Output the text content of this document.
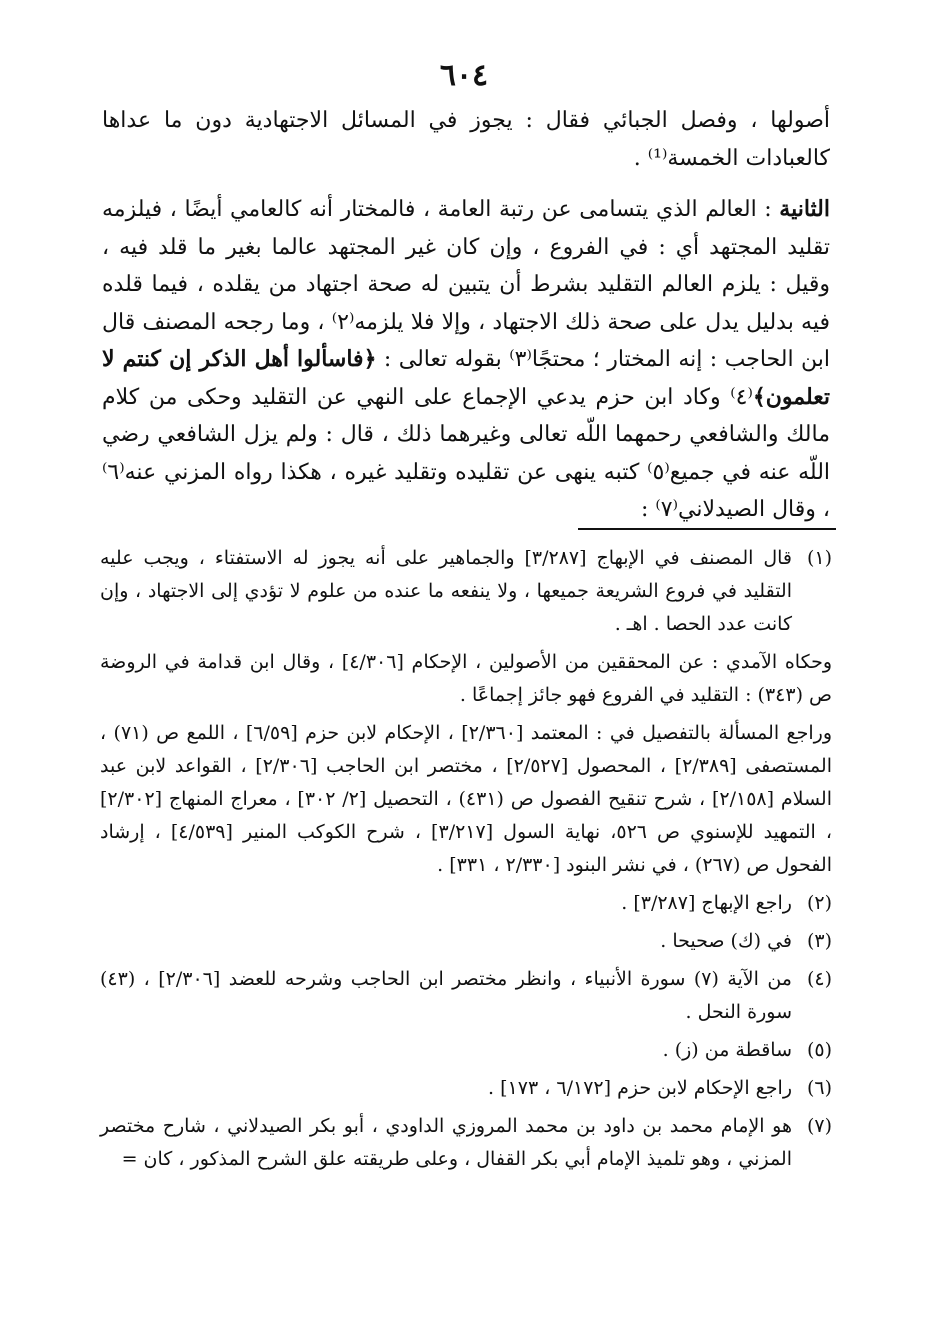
٦٠٤

أصولها ، وفصل الجبائي فقال : يجوز في المسائل الاجتهادية دون ما عداها كالعبادات الخمسة⁽¹⁾ .

الثانية : العالم الذي يتسامى عن رتبة العامة ، فالمختار أنه كالعامي أيضًا ، فيلزمه تقليد المجتهد أي : في الفروع ، وإن كان غير المجتهد عالما بغير ما قلد فيه ، وقيل : يلزم العالم التقليد بشرط أن يتبين له صحة اجتهاد من يقلده ، فيما قلده فيه بدليل يدل على صحة ذلك الاجتهاد ، وإلا فلا يلزمه⁽٢⁾ ، وما رجحه المصنف قال ابن الحاجب : إنه المختار ؛ محتجًا⁽٣⁾ بقوله تعالى : ﴿فاسألوا أهل الذكر إن كنتم لا تعلمون﴾⁽٤⁾ وكاد ابن حزم يدعي الإجماع على النهي عن التقليد وحكى من كلام مالك والشافعي رحمهما اللّه تعالى وغيرهما ذلك ، قال : ولم يزل الشافعي رضي اللّه عنه في جميع⁽٥⁾ كتبه ينهى عن تقليده وتقليد غيره ، هكذا رواه المزني عنه⁽٦⁾ ، وقال الصيدلاني⁽٧⁾ :

(١)
قال المصنف في الإبهاج [٣/٢٨٧] والجماهير على أنه يجوز له الاستفتاء ، ويجب عليه التقليد في فروع الشريعة جميعها ، ولا ينفعه ما عنده من علوم لا تؤدي إلى الاجتهاد ، وإن كانت عدد الحصا . اهـ .

وحكاه الآمدي : عن المحققين من الأصولين ، الإحكام [٤/٣٠٦] ، وقال ابن قدامة في الروضة ص (٣٤٣) : التقليد في الفروع فهو جائز إجماعًا .

وراجع المسألة بالتفصيل في : المعتمد [٢/٣٦٠] ، الإحكام لابن حزم [٦/٥٩] ، اللمع ص (٧١) ، المستصفى [٢/٣٨٩] ، المحصول [٢/٥٢٧] ، مختصر ابن الحاجب [٢/٣٠٦] ، القواعد لابن عبد السلام [٢/١٥٨] ، شرح تنقيح الفصول ص (٤٣١) ، التحصيل [٢/ ٣٠٢] ، معراج المنهاج [٢/٣٠٢] ، التمهيد للإسنوي ص ٥٢٦، نهاية السول [٣/٢١٧] ، شرح الكوكب المنير [٤/٥٣٩] ، إرشاد الفحول ص (٢٦٧) ، في نشر البنود [٢/٣٣٠ ، ٣٣١] .

(٢)
راجع الإبهاج [٣/٢٨٧] .

(٣)
في (ك) صحيحا .

(٤)
من الآية (٧) سورة الأنبياء ، وانظر مختصر ابن الحاجب وشرحه للعضد [٢/٣٠٦] ، (٤٣) سورة النحل .

(٥)
ساقطة من (ز) .

(٦)
راجع الإحكام لابن حزم [٦/١٧٢ ، ١٧٣] .

(٧)
هو الإمام محمد بن داود بن محمد المروزي الداودي ، أبو بكر الصيدلاني ، شارح مختصر المزني ، وهو تلميذ الإمام أبي بكر القفال ، وعلى طريقته علق الشرح المذكور ، كان =
